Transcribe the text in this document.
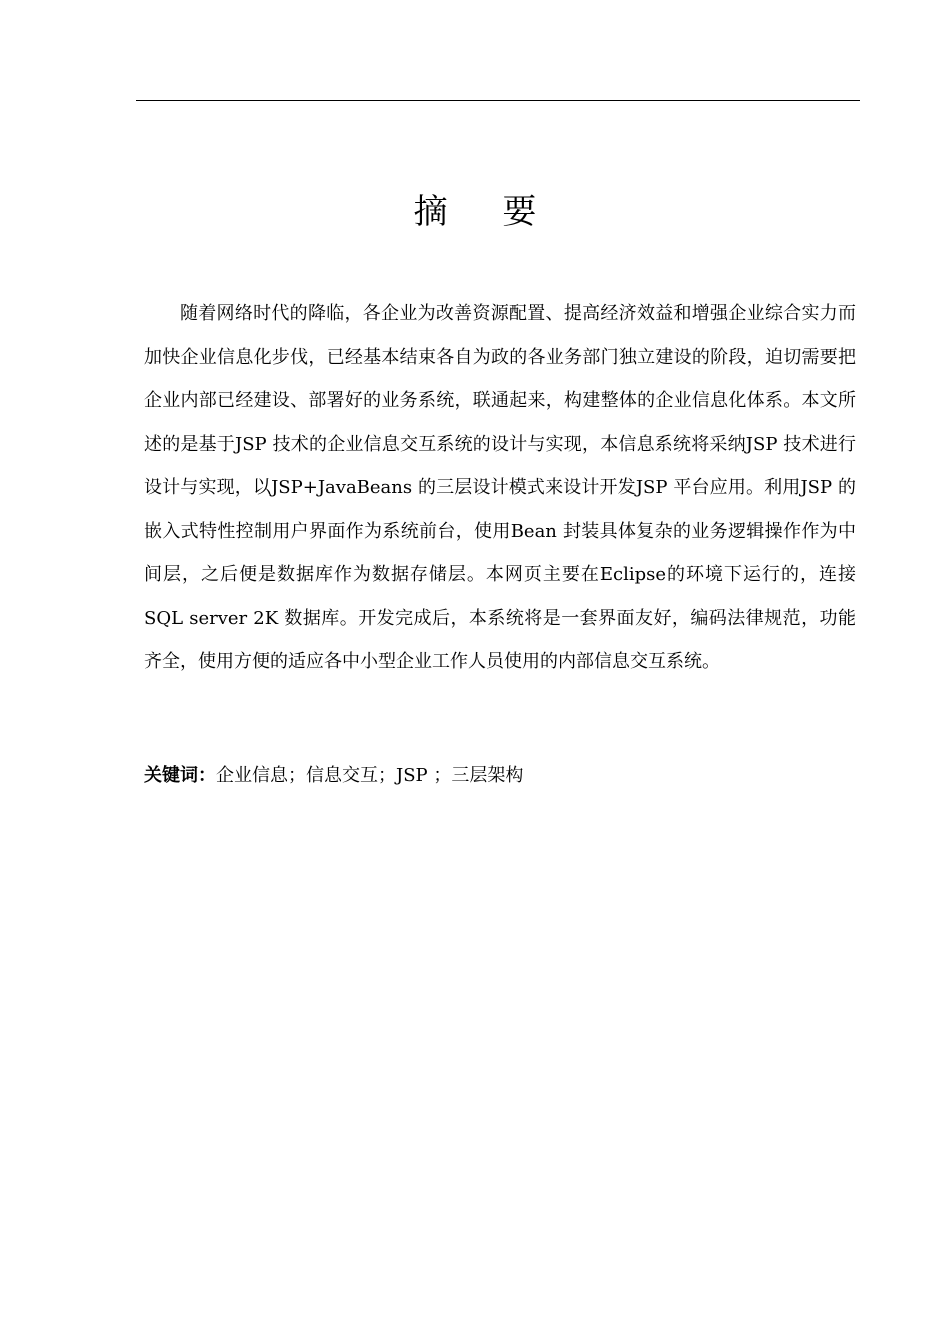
摘 要

随着网络时代的降临，各企业为改善资源配置、提高经济效益和增强企业综合实力而加快企业信息化步伐，已经基本结束各自为政的各业务部门独立建设的阶段，迫切需要把企业内部已经建设、部署好的业务系统，联通起来，构建整体的企业信息化体系。本文所述的是基于JSP 技术的企业信息交互系统的设计与实现，本信息系统将采纳JSP 技术进行设计与实现，以JSP+JavaBeans 的三层设计模式来设计开发JSP 平台应用。利用JSP 的嵌入式特性控制用户界面作为系统前台，使用Bean 封装具体复杂的业务逻辑操作作为中间层，之后便是数据库作为数据存储层。本网页主要在Eclipse的环境下运行的，连接SQL server 2K 数据库。开发完成后，本系统将是一套界面友好，编码法律规范，功能齐全，使用方便的适应各中小型企业工作人员使用的内部信息交互系统。

关键词：企业信息；信息交互；JSP ；三层架构
